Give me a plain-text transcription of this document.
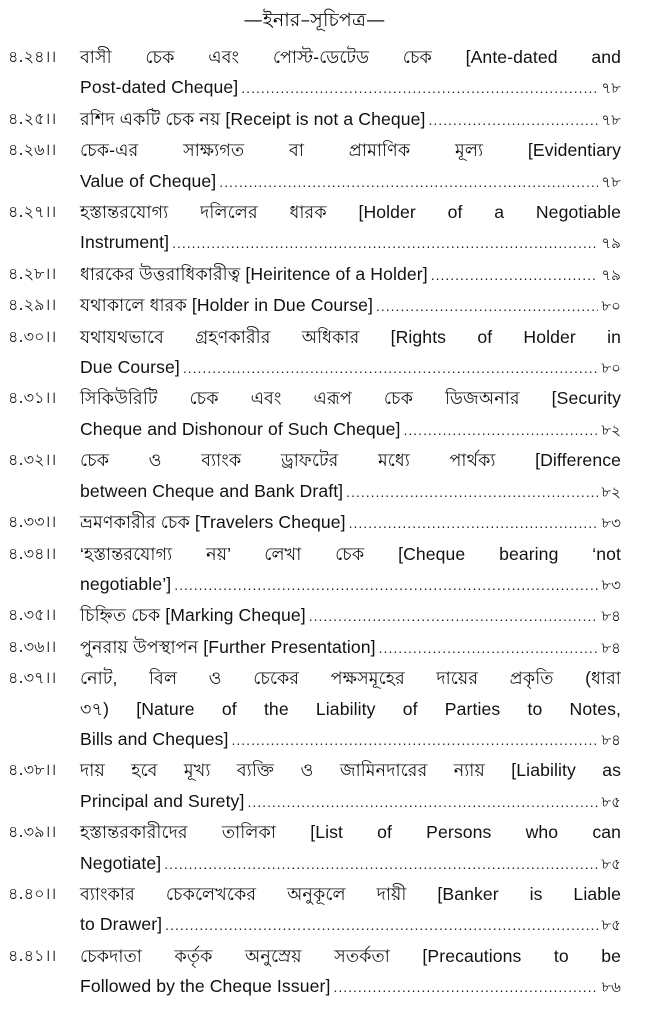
—ইনার–সূচিপত্র—
৪.২৪।।	বাসী চেক এবং পোস্ট-ডেটেড চেক [Ante-dated and
Post-dated Cheque] .....	৭৮
৪.২৫।।	রশিদ একটি চেক নয় [Receipt is not a Cheque] .....	৭৮
৪.২৬।।	চেক-এর সাক্ষ্যগত বা প্রামাণিক মূল্য [Evidentiary
Value of Cheque] .....	৭৮
৪.২৭।।	হস্তান্তরযোগ্য দলিলের ধারক [Holder of a Negotiable
Instrument] .....	৭৯
৪.২৮।।	ধারকের উত্তরাধিকারীত্ব [Heiritence of a Holder] .....	৭৯
৪.২৯।।	যথাকালে ধারক [Holder in Due Course] .....	৮০
৪.৩০।।	যথাযথভাবে গ্রহণকারীর অধিকার [Rights of Holder in
Due Course] .....	৮০
৪.৩১।।	সিকিউরিটি চেক এবং এরূপ চেক ডিজঅনার [Security
Cheque and Dishonour of Such Cheque] .....	৮২
৪.৩২।।	চেক ও ব্যাংক ড্রাফটের মধ্যে পার্থক্য [Difference
between Cheque and Bank Draft] .....	৮২
৪.৩৩।।	ভ্রমণকারীর চেক [Travelers Cheque] .....	৮৩
৪.৩৪।।	‘হস্তান্তরযোগ্য নয়’ লেখা চেক [Cheque bearing ‘not
negotiable’] .....	৮৩
৪.৩৫।।	চিহ্নিত চেক [Marking Cheque] .....	৮৪
৪.৩৬।।	পুনরায় উপস্থাপন [Further Presentation] .....	৮৪
৪.৩৭।।	নোট, বিল ও চেকের পক্ষসমূহের দায়ের প্রকৃতি (ধারা
৩৭) [Nature of the Liability of Parties to Notes,
Bills and Cheques] .....	৮৪
৪.৩৮।।	দায় হবে মূখ্য ব্যক্তি ও জামিনদারের ন্যায় [Liability as
Principal and Surety] .....	৮৫
৪.৩৯।।	হস্তান্তরকারীদের তালিকা [List of Persons who can
Negotiate] .....	৮৫
৪.৪০।।	ব্যাংকার চেকলেখকের অনুকূলে দায়ী [Banker is Liable
to Drawer] .....	৮৫
৪.৪১।।	চেকদাতা কর্তৃক অনুস্রেয় সতর্কতা [Precautions to be
Followed by the Cheque Issuer] .....	৮৬
